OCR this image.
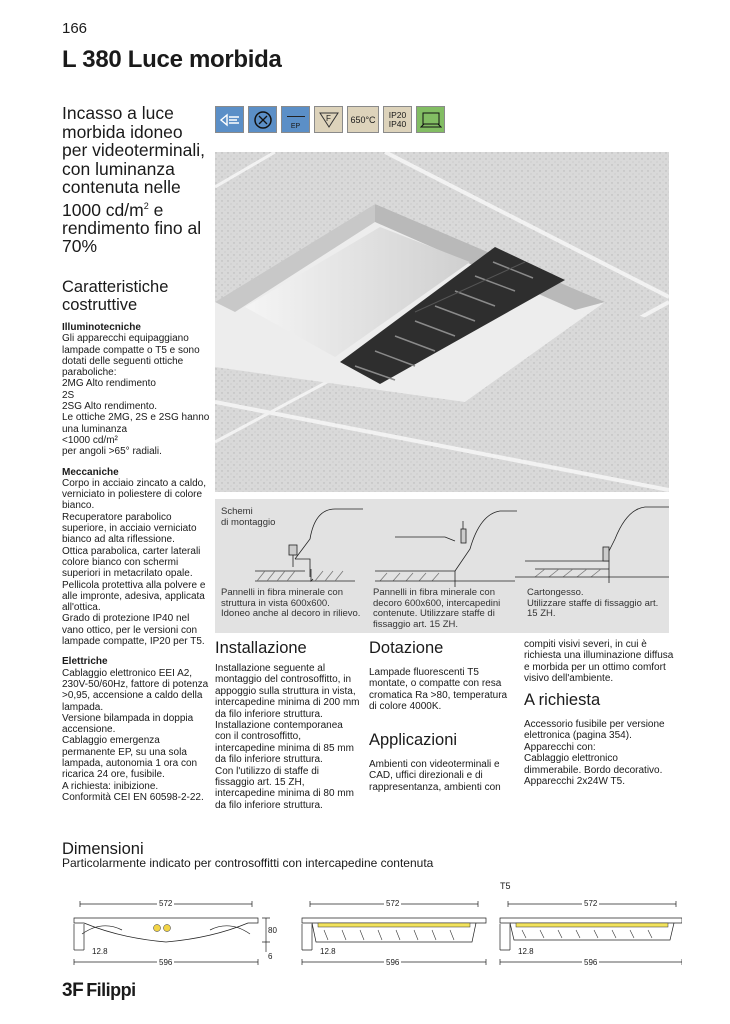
166
L 380 Luce morbida
Incasso a luce morbida idoneo per videoterminali, con luminanza contenuta nelle 1000 $cd/m^2$ e rendimento fino al 70%
Caratteristiche costruttive
Illuminotecniche

Gli apparecchi equipaggiano lampade compatte o T5 e sono dotati delle seguenti ottiche paraboliche:
2MG Alto rendimento
2S
2SG Alto rendimento.
Le ottiche 2MG, 2S e 2SG hanno una luminanza
<1000 cd/m²
per angoli >65° radiali.

Meccaniche

Corpo in acciaio zincato a caldo, verniciato in poliestere di colore bianco.
Recuperatore parabolico superiore, in acciaio verniciato bianco ad alta riflessione.
Ottica parabolica, carter laterali colore bianco con schermi superiori in metacrilato opale.
Pellicola protettiva alla polvere e alle impronte, adesiva, applicata all'ottica.
Grado di protezione IP40 nel vano ottico, per le versioni con lampade compatte, IP20 per T5.

Elettriche

Cablaggio elettronico EEI A2, 230V-50/60Hz, fattore di potenza >0,95, accensione a caldo della lampada.
Versione bilampada in doppia accensione.
Cablaggio emergenza permanente EP, su una sola lampada, autonomia 1 ora con ricarica 24 ore, fusibile.
A richiesta: inibizione.
Conformità CEI EN 60598-2-22.

EP
F	650°C	IP20
IP40
Schemi
di montaggio
Pannelli in fibra minerale con struttura in vista 600x600.
Idoneo anche al decoro in rilievo.
Pannelli in fibra minerale con decoro 600x600, intercapedini contenute. Utilizzare staffe di fissaggio art. 15 ZH.
Cartongesso.
Utilizzare staffe di fissaggio art. 15 ZH.
Installazione
Installazione seguente al montaggio del controsoffitto, in appoggio sulla struttura in vista, intercapedine minima di 200 mm da filo inferiore struttura.
Installazione contemporanea con il controsoffitto, intercapedine minima di 85 mm da filo inferiore struttura.
Con l'utilizzo di staffe di fissaggio art. 15 ZH, intercapedine minima di 80 mm da filo inferiore struttura.
Dotazione
Lampade fluorescenti T5 montate, o compatte con resa cromatica Ra >80, temperatura di colore 4000K.
Applicazioni
Ambienti con videoterminali e CAD, uffici direzionali e di rappresentanza, ambienti con
compiti visivi severi, in cui è richiesta una illuminazione diffusa e morbida per un ottimo comfort visivo dell'ambiente.
A richiesta
Accessorio fusibile per versione elettronica (pagina 354).
Apparecchi con:
Cablaggio elettronico dimmerabile. Bordo decorativo.
Apparecchi 2x24W T5.
Dimensioni
Particolarmente indicato per controsoffitti con intercapedine contenuta
T5
572
596
12.8
80
6
572
596
12.8
572
596
12.8
3F Filippi
